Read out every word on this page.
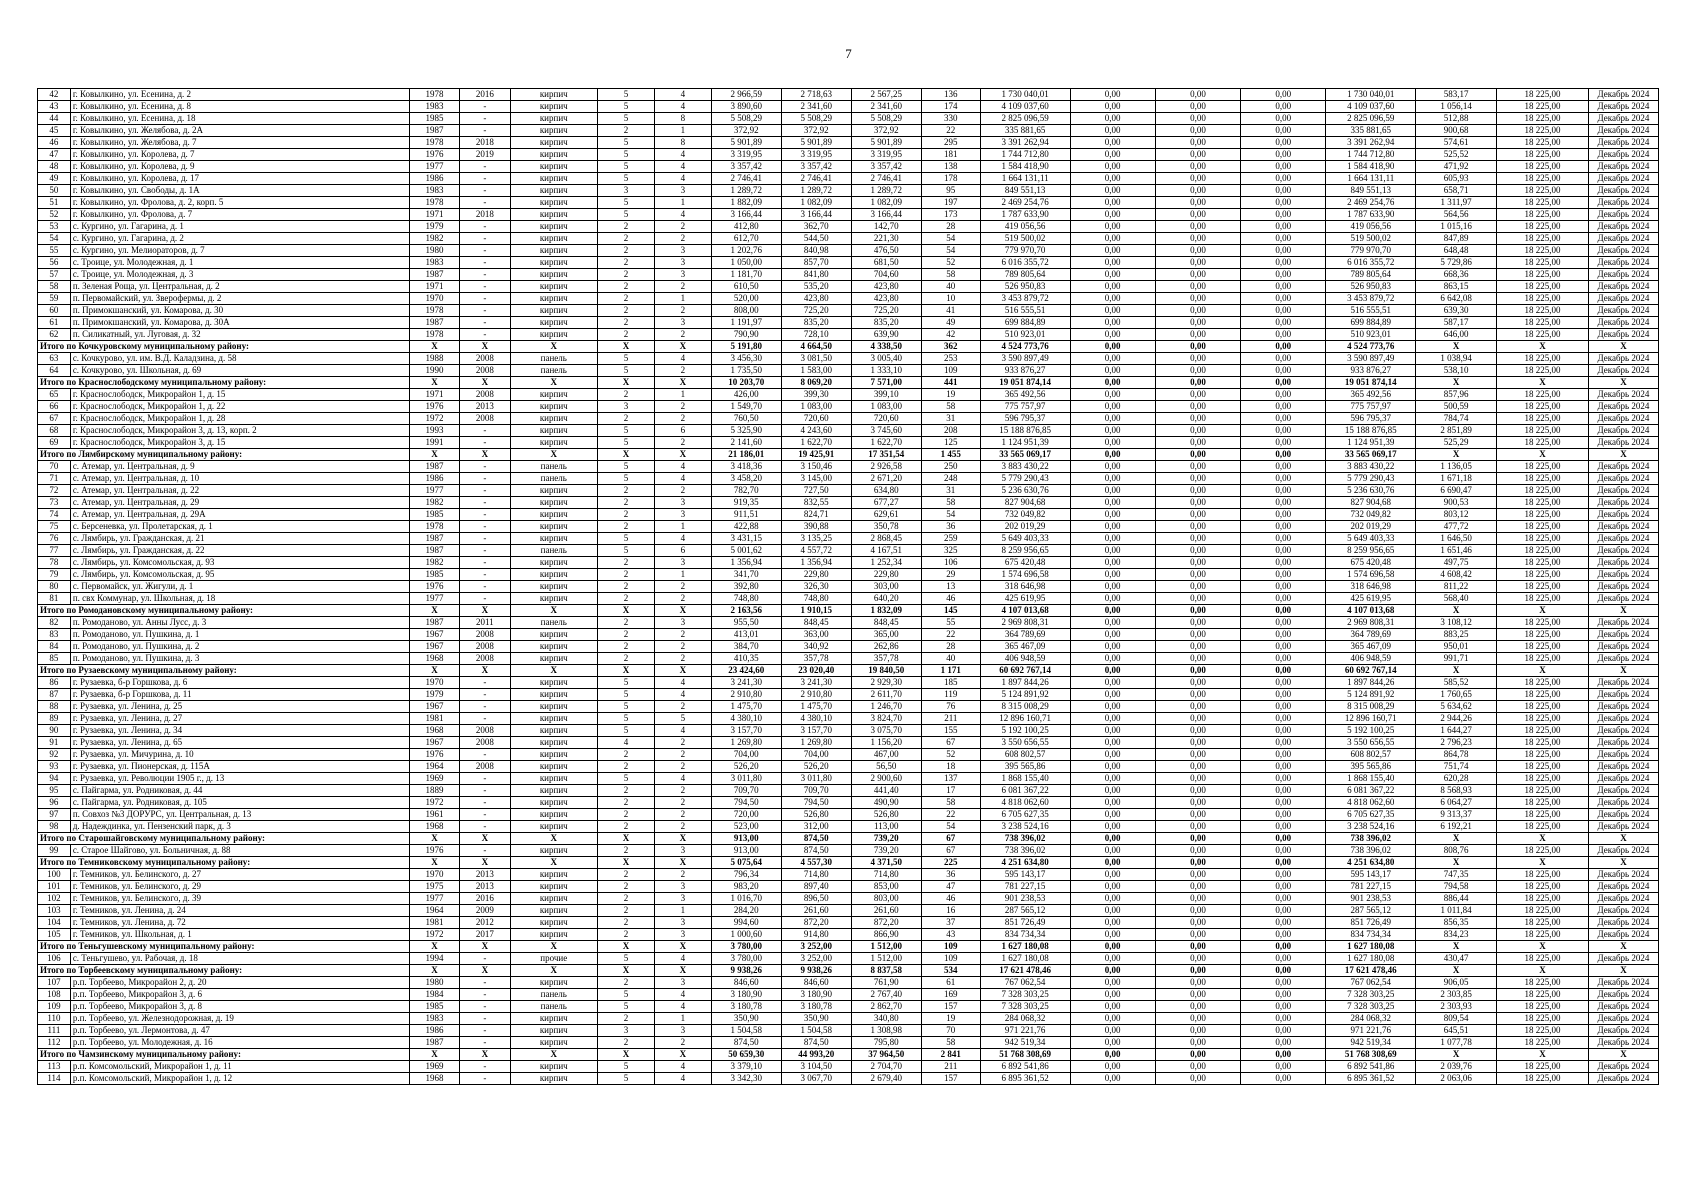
7
42	г. Ковылкино, ул. Есенина, д. 2	1978	2016	кирпич	5	4	2 966,59	2 718,63	2 567,25	136	1 730 040,01	0,00	0,00	0,00	1 730 040,01	583,17	18 225,00	Декабрь 2024
43	г. Ковылкино, ул. Есенина, д. 8	1983	-	кирпич	5	4	3 890,60	2 341,60	2 341,60	174	4 109 037,60	0,00	0,00	0,00	4 109 037,60	1 056,14	18 225,00	Декабрь 2024
44	г. Ковылкино, ул. Есенина, д. 18	1985	-	кирпич	5	8	5 508,29	5 508,29	5 508,29	330	2 825 096,59	0,00	0,00	0,00	2 825 096,59	512,88	18 225,00	Декабрь 2024
45	г. Ковылкино, ул. Желябова, д. 2А	1987	-	кирпич	2	1	372,92	372,92	372,92	22	335 881,65	0,00	0,00	0,00	335 881,65	900,68	18 225,00	Декабрь 2024
46	г. Ковылкино, ул. Желябова, д. 7	1978	2018	кирпич	5	8	5 901,89	5 901,89	5 901,89	295	3 391 262,94	0,00	0,00	0,00	3 391 262,94	574,61	18 225,00	Декабрь 2024
47	г. Ковылкино, ул. Королева, д. 7	1976	2019	кирпич	5	4	3 319,95	3 319,95	3 319,95	181	1 744 712,80	0,00	0,00	0,00	1 744 712,80	525,52	18 225,00	Декабрь 2024
48	г. Ковылкино, ул. Королева, д. 9	1977	-	кирпич	5	4	3 357,42	3 357,42	3 357,42	138	1 584 418,90	0,00	0,00	0,00	1 584 418,90	471,92	18 225,00	Декабрь 2024
49	г. Ковылкино, ул. Королева, д. 17	1986	-	кирпич	5	4	2 746,41	2 746,41	2 746,41	178	1 664 131,11	0,00	0,00	0,00	1 664 131,11	605,93	18 225,00	Декабрь 2024
50	г. Ковылкино, ул. Свободы, д. 1А	1983	-	кирпич	3	3	1 289,72	1 289,72	1 289,72	95	849 551,13	0,00	0,00	0,00	849 551,13	658,71	18 225,00	Декабрь 2024
51	г. Ковылкино, ул. Фролова, д. 2, корп. 5	1978	-	кирпич	5	1	1 882,09	1 082,09	1 082,09	197	2 469 254,76	0,00	0,00	0,00	2 469 254,76	1 311,97	18 225,00	Декабрь 2024
52	г. Ковылкино, ул. Фролова, д. 7	1971	2018	кирпич	5	4	3 166,44	3 166,44	3 166,44	173	1 787 633,90	0,00	0,00	0,00	1 787 633,90	564,56	18 225,00	Декабрь 2024
53	с. Кургино, ул. Гагарина, д. 1	1979	-	кирпич	2	2	412,80	362,70	142,70	28	419 056,56	0,00	0,00	0,00	419 056,56	1 015,16	18 225,00	Декабрь 2024
54	с. Кургино, ул. Гагарина, д. 2	1982	-	кирпич	2	2	612,70	544,50	221,30	54	519 500,02	0,00	0,00	0,00	519 500,02	847,89	18 225,00	Декабрь 2024
55	с. Кургино, ул. Мелиораторов, д. 7	1980	-	кирпич	2	3	1 202,76	840,98	476,50	54	779 970,70	0,00	0,00	0,00	779 970,70	648,48	18 225,00	Декабрь 2024
56	с. Троице, ул. Молодежная, д. 1	1983	-	кирпич	2	3	1 050,00	857,70	681,50	52	6 016 355,72	0,00	0,00	0,00	6 016 355,72	5 729,86	18 225,00	Декабрь 2024
57	с. Троице, ул. Молодежная, д. 3	1987	-	кирпич	2	3	1 181,70	841,80	704,60	58	789 805,64	0,00	0,00	0,00	789 805,64	668,36	18 225,00	Декабрь 2024
58	п. Зеленая Роща, ул. Центральная, д. 2	1971	-	кирпич	2	2	610,50	535,20	423,80	40	526 950,83	0,00	0,00	0,00	526 950,83	863,15	18 225,00	Декабрь 2024
59	п. Первомайский, ул. Зверофермы, д. 2	1970	-	кирпич	2	1	520,00	423,80	423,80	10	3 453 879,72	0,00	0,00	0,00	3 453 879,72	6 642,08	18 225,00	Декабрь 2024
60	п. Примокшанский, ул. Комарова, д. 30	1978	-	кирпич	2	2	808,00	725,20	725,20	41	516 555,51	0,00	0,00	0,00	516 555,51	639,30	18 225,00	Декабрь 2024
61	п. Примокшанский, ул. Комарова, д. 30А	1987	-	кирпич	2	3	1 191,97	835,20	835,20	49	699 884,89	0,00	0,00	0,00	699 884,89	587,17	18 225,00	Декабрь 2024
62	п. Силикатный, ул. Луговая, д. 32	1978	-	кирпич	2	2	790,90	728,10	639,90	42	510 923,01	0,00	0,00	0,00	510 923,01	646,00	18 225,00	Декабрь 2024
Итого по Кочкуровскому муниципальному району:		X	X	X	X	X	5 191,80	4 664,50	4 338,50	362	4 524 773,76	0,00	0,00	0,00	4 524 773,76	X	X	X
63	с. Кочкурово, ул. им. В.Д. Каладзина, д. 58	1988	2008	панель	5	4	3 456,30	3 081,50	3 005,40	253	3 590 897,49	0,00	0,00	0,00	3 590 897,49	1 038,94	18 225,00	Декабрь 2024
64	с. Кочкурово, ул. Школьная, д. 69	1990	2008	панель	5	2	1 735,50	1 583,00	1 333,10	109	933 876,27	0,00	0,00	0,00	933 876,27	538,10	18 225,00	Декабрь 2024
Итого по Краснослободскому муниципальному району:		X	X	X	X	X	10 203,70	8 069,20	7 571,00	441	19 051 874,14	0,00	0,00	0,00	19 051 874,14	X	X	X
65	г. Краснослободск, Микрорайон 1, д. 15	1971	2008	кирпич	2	1	426,00	399,30	399,10	19	365 492,56	0,00	0,00	0,00	365 492,56	857,96	18 225,00	Декабрь 2024
66	г. Краснослободск, Микрорайон 1, д. 22	1976	2013	кирпич	3	2	1 549,70	1 083,00	1 083,00	58	775 757,97	0,00	0,00	0,00	775 757,97	500,59	18 225,00	Декабрь 2024
67	г. Краснослободск, Микрорайон 1, д. 28	1972	2008	кирпич	2	2	760,50	720,60	720,60	31	596 795,37	0,00	0,00	0,00	596 795,37	784,74	18 225,00	Декабрь 2024
68	г. Краснослободск, Микрорайон 3, д. 13, корп. 2	1993	-	кирпич	5	6	5 325,90	4 243,60	3 745,60	208	15 188 876,85	0,00	0,00	0,00	15 188 876,85	2 851,89	18 225,00	Декабрь 2024
69	г. Краснослободск, Микрорайон 3, д. 15	1991	-	кирпич	5	2	2 141,60	1 622,70	1 622,70	125	1 124 951,39	0,00	0,00	0,00	1 124 951,39	525,29	18 225,00	Декабрь 2024
Итого по Лямбирскому муниципальному району:		X	X	X	X	X	21 186,01	19 425,91	17 351,54	1 455	33 565 069,17	0,00	0,00	0,00	33 565 069,17	X	X	X
70	с. Атемар, ул. Центральная, д. 9	1987	-	панель	5	4	3 418,36	3 150,46	2 926,58	250	3 883 430,22	0,00	0,00	0,00	3 883 430,22	1 136,05	18 225,00	Декабрь 2024
71	с. Атемар, ул. Центральная, д. 10	1986	-	панель	5	4	3 458,20	3 145,00	2 671,20	248	5 779 290,43	0,00	0,00	0,00	5 779 290,43	1 671,18	18 225,00	Декабрь 2024
72	с. Атемар, ул. Центральная, д. 22	1977	-	кирпич	2	2	782,70	727,50	634,80	31	5 236 630,76	0,00	0,00	0,00	5 236 630,76	6 690,47	18 225,00	Декабрь 2024
73	с. Атемар, ул. Центральная, д. 29	1982	-	кирпич	2	3	919,35	832,55	677,27	58	827 904,68	0,00	0,00	0,00	827 904,68	900,53	18 225,00	Декабрь 2024
74	с. Атемар, ул. Центральная, д. 29А	1985	-	кирпич	2	3	911,51	824,71	629,61	54	732 049,82	0,00	0,00	0,00	732 049,82	803,12	18 225,00	Декабрь 2024
75	с. Берсеневка, ул. Пролетарская, д. 1	1978	-	кирпич	2	1	422,88	390,88	350,78	36	202 019,29	0,00	0,00	0,00	202 019,29	477,72	18 225,00	Декабрь 2024
76	с. Лямбирь, ул. Гражданская, д. 21	1987	-	кирпич	5	4	3 431,15	3 135,25	2 868,45	259	5 649 403,33	0,00	0,00	0,00	5 649 403,33	1 646,50	18 225,00	Декабрь 2024
77	с. Лямбирь, ул. Гражданская, д. 22	1987	-	панель	5	6	5 001,62	4 557,72	4 167,51	325	8 259 956,65	0,00	0,00	0,00	8 259 956,65	1 651,46	18 225,00	Декабрь 2024
78	с. Лямбирь, ул. Комсомольская, д. 93	1982	-	кирпич	2	3	1 356,94	1 356,94	1 252,34	106	675 420,48	0,00	0,00	0,00	675 420,48	497,75	18 225,00	Декабрь 2024
79	с. Лямбирь, ул. Комсомольская, д. 95	1985	-	кирпич	2	1	341,70	229,80	229,80	29	1 574 696,58	0,00	0,00	0,00	1 574 696,58	4 608,42	18 225,00	Декабрь 2024
80	с. Первомайск, ул. Жигули, д. 1	1976	-	кирпич	2	2	392,80	326,30	303,00	13	318 646,98	0,00	0,00	0,00	318 646,98	811,22	18 225,00	Декабрь 2024
81	п. свх Коммунар, ул. Школьная, д. 18	1977	-	кирпич	2	2	748,80	748,80	640,20	46	425 619,95	0,00	0,00	0,00	425 619,95	568,40	18 225,00	Декабрь 2024
Итого по Ромодановскому муниципальному району:		X	X	X	X	X	2 163,56	1 910,15	1 832,09	145	4 107 013,68	0,00	0,00	0,00	4 107 013,68	X	X	X
82	п. Ромоданово, ул. Анны Лусс, д. 3	1987	2011	панель	2	3	955,50	848,45	848,45	55	2 969 808,31	0,00	0,00	0,00	2 969 808,31	3 108,12	18 225,00	Декабрь 2024
83	п. Ромоданово, ул. Пушкина, д. 1	1967	2008	кирпич	2	2	413,01	363,00	365,00	22	364 789,69	0,00	0,00	0,00	364 789,69	883,25	18 225,00	Декабрь 2024
84	п. Ромоданово, ул. Пушкина, д. 2	1967	2008	кирпич	2	2	384,70	340,92	262,86	28	365 467,09	0,00	0,00	0,00	365 467,09	950,01	18 225,00	Декабрь 2024
85	п. Ромоданово, ул. Пушкина, д. 3	1968	2008	кирпич	2	2	410,35	357,78	357,78	40	406 948,59	0,00	0,00	0,00	406 948,59	991,71	18 225,00	Декабрь 2024
Итого по Рузаевскому муниципальному району:		X	X	X	X	X	23 424,60	23 020,40	19 840,50	1 171	60 692 767,14	0,00	0,00	0,00	60 692 767,14	X	X	X
86	г. Рузаевка, б-р Горшкова, д. 6	1970	-	кирпич	5	4	3 241,30	3 241,30	2 929,30	185	1 897 844,26	0,00	0,00	0,00	1 897 844,26	585,52	18 225,00	Декабрь 2024
87	г. Рузаевка, б-р Горшкова, д. 11	1979	-	кирпич	5	4	2 910,80	2 910,80	2 611,70	119	5 124 891,92	0,00	0,00	0,00	5 124 891,92	1 760,65	18 225,00	Декабрь 2024
88	г. Рузаевка, ул. Ленина, д. 25	1967	-	кирпич	5	2	1 475,70	1 475,70	1 246,70	76	8 315 008,29	0,00	0,00	0,00	8 315 008,29	5 634,62	18 225,00	Декабрь 2024
89	г. Рузаевка, ул. Ленина, д. 27	1981	-	кирпич	5	5	4 380,10	4 380,10	3 824,70	211	12 896 160,71	0,00	0,00	0,00	12 896 160,71	2 944,26	18 225,00	Декабрь 2024
90	г. Рузаевка, ул. Ленина, д. 34	1968	2008	кирпич	5	4	3 157,70	3 157,70	3 075,70	155	5 192 100,25	0,00	0,00	0,00	5 192 100,25	1 644,27	18 225,00	Декабрь 2024
91	г. Рузаевка, ул. Ленина, д. 65	1967	2008	кирпич	4	2	1 269,80	1 269,80	1 156,20	67	3 550 656,55	0,00	0,00	0,00	3 550 656,55	2 796,23	18 225,00	Декабрь 2024
92	г. Рузаевка, ул. Мичурина, д. 10	1976	-	кирпич	2	2	704,00	704,00	467,00	52	608 802,57	0,00	0,00	0,00	608 802,57	864,78	18 225,00	Декабрь 2024
93	г. Рузаевка, ул. Пионерская, д. 115А	1964	2008	кирпич	2	2	526,20	526,20	56,50	18	395 565,86	0,00	0,00	0,00	395 565,86	751,74	18 225,00	Декабрь 2024
94	г. Рузаевка, ул. Революции 1905 г., д. 13	1969	-	кирпич	5	4	3 011,80	3 011,80	2 900,60	137	1 868 155,40	0,00	0,00	0,00	1 868 155,40	620,28	18 225,00	Декабрь 2024
95	с. Пайгарма, ул. Родниковая, д. 44	1889	-	кирпич	2	2	709,70	709,70	441,40	17	6 081 367,22	0,00	0,00	0,00	6 081 367,22	8 568,93	18 225,00	Декабрь 2024
96	с. Пайгарма, ул. Родниковая, д. 105	1972	-	кирпич	2	2	794,50	794,50	490,90	58	4 818 062,60	0,00	0,00	0,00	4 818 062,60	6 064,27	18 225,00	Декабрь 2024
97	п. Совхоз №3 ДОРУРС, ул. Центральная, д. 13	1961	-	кирпич	2	2	720,00	526,80	526,80	22	6 705 627,35	0,00	0,00	0,00	6 705 627,35	9 313,37	18 225,00	Декабрь 2024
98	д. Надеждинка, ул. Пензенский парк, д. 3	1968	-	кирпич	2	2	523,00	312,00	113,00	54	3 238 524,16	0,00	0,00	0,00	3 238 524,16	6 192,21	18 225,00	Декабрь 2024
Итого по Старошайговскому муниципальному району:		X	X	X	X	X	913,00	874,50	739,20	67	738 396,02	0,00	0,00	0,00	738 396,02	X	X	X
99	с. Старое Шайгово, ул. Больничная, д. 88	1976	-	кирпич	2	3	913,00	874,50	739,20	67	738 396,02	0,00	0,00	0,00	738 396,02	808,76	18 225,00	Декабрь 2024
Итого по Темниковскому муниципальному району:		X	X	X	X	X	5 075,64	4 557,30	4 371,50	225	4 251 634,80	0,00	0,00	0,00	4 251 634,80	X	X	X
100	г. Темников, ул. Белинского, д. 27	1970	2013	кирпич	2	2	796,34	714,80	714,80	36	595 143,17	0,00	0,00	0,00	595 143,17	747,35	18 225,00	Декабрь 2024
101	г. Темников, ул. Белинского, д. 29	1975	2013	кирпич	2	3	983,20	897,40	853,00	47	781 227,15	0,00	0,00	0,00	781 227,15	794,58	18 225,00	Декабрь 2024
102	г. Темников, ул. Белинского, д. 39	1977	2016	кирпич	2	3	1 016,70	896,50	803,00	46	901 238,53	0,00	0,00	0,00	901 238,53	886,44	18 225,00	Декабрь 2024
103	г. Темников, ул. Ленина, д. 24	1964	2009	кирпич	2	1	284,20	261,60	261,60	16	287 565,12	0,00	0,00	0,00	287 565,12	1 011,84	18 225,00	Декабрь 2024
104	г. Темников, ул. Ленина, д. 72	1981	2012	кирпич	2	3	994,60	872,20	872,20	37	851 726,49	0,00	0,00	0,00	851 726,49	856,35	18 225,00	Декабрь 2024
105	г. Темников, ул. Школьная, д. 1	1972	2017	кирпич	2	3	1 000,60	914,80	866,90	43	834 734,34	0,00	0,00	0,00	834 734,34	834,23	18 225,00	Декабрь 2024
Итого по Теньгушевскому муниципальному району:		X	X	X	X	X	3 780,00	3 252,00	1 512,00	109	1 627 180,08	0,00	0,00	0,00	1 627 180,08	X	X	X
106	с. Теньгушево, ул. Рабочая, д. 18	1994	-	прочие	5	4	3 780,00	3 252,00	1 512,00	109	1 627 180,08	0,00	0,00	0,00	1 627 180,08	430,47	18 225,00	Декабрь 2024
Итого по Торбеевскому муниципальному району:		X	X	X	X	X	9 938,26	9 938,26	8 837,58	534	17 621 478,46	0,00	0,00	0,00	17 621 478,46	X	X	X
107	р.п. Торбеево, Микрорайон 2, д. 20	1980	-	кирпич	2	3	846,60	846,60	761,90	61	767 062,54	0,00	0,00	0,00	767 062,54	906,05	18 225,00	Декабрь 2024
108	р.п. Торбеево, Микрорайон 3, д. 6	1984	-	панель	5	4	3 180,90	3 180,90	2 767,40	169	7 328 303,25	0,00	0,00	0,00	7 328 303,25	2 303,85	18 225,00	Декабрь 2024
109	р.п. Торбеево, Микрорайон 3, д. 8	1985	-	панель	5	4	3 180,78	3 180,78	2 862,70	157	7 328 303,25	0,00	0,00	0,00	7 328 303,25	2 303,93	18 225,00	Декабрь 2024
110	р.п. Торбеево, ул. Железнодорожная, д. 19	1983	-	кирпич	2	1	350,90	350,90	340,80	19	284 068,32	0,00	0,00	0,00	284 068,32	809,54	18 225,00	Декабрь 2024
111	р.п. Торбеево, ул. Лермонтова, д. 47	1986	-	кирпич	3	3	1 504,58	1 504,58	1 308,98	70	971 221,76	0,00	0,00	0,00	971 221,76	645,51	18 225,00	Декабрь 2024
112	р.п. Торбеево, ул. Молодежная, д. 16	1987	-	кирпич	2	2	874,50	874,50	795,80	58	942 519,34	0,00	0,00	0,00	942 519,34	1 077,78	18 225,00	Декабрь 2024
Итого по Чамзинскому муниципальному району:		X	X	X	X	X	50 659,30	44 993,20	37 964,50	2 841	51 768 308,69	0,00	0,00	0,00	51 768 308,69	X	X	X
113	р.п. Комсомольский, Микрорайон 1, д. 11	1969	-	кирпич	5	4	3 379,10	3 104,50	2 704,70	211	6 892 541,86	0,00	0,00	0,00	6 892 541,86	2 039,76	18 225,00	Декабрь 2024
114	р.п. Комсомольский, Микрорайон 1, д. 12	1968	-	кирпич	5	4	3 342,30	3 067,70	2 679,40	157	6 895 361,52	0,00	0,00	0,00	6 895 361,52	2 063,06	18 225,00	Декабрь 2024
